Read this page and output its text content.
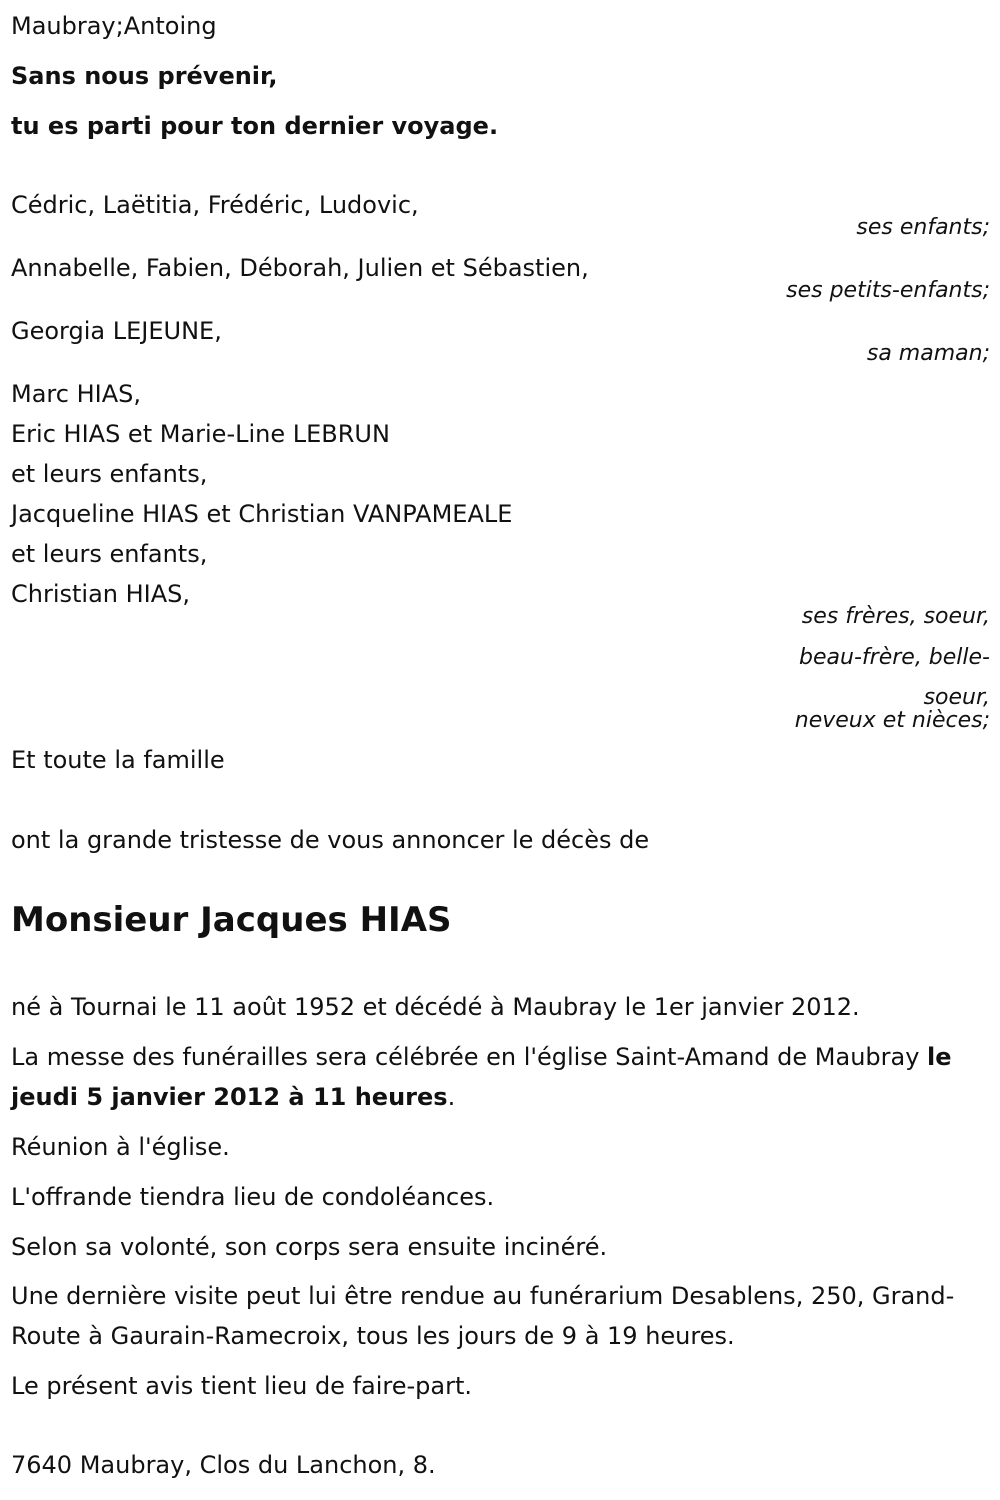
Maubray;Antoing
Sans nous prévenir,
tu es parti pour ton dernier voyage.
Cédric, Laëtitia, Frédéric, Ludovic,
ses enfants;
Annabelle, Fabien, Déborah, Julien et Sébastien,
ses petits-enfants;
Georgia LEJEUNE,
sa maman;
Marc HIAS,
Eric HIAS et Marie-Line LEBRUN
et leurs enfants,
Jacqueline HIAS et Christian VANPAMEALE
et leurs enfants,
Christian HIAS,
ses frères, soeur,
beau-frère, belle-
soeur,
neveux et nièces;
Et toute la famille
ont la grande tristesse de vous annoncer le décès de
Monsieur Jacques HIAS
né à Tournai le 11 août 1952 et décédé à Maubray le 1er janvier 2012.
La messe des funérailles sera célébrée en l'église Saint-Amand de Maubray le jeudi 5 janvier 2012 à 11 heures.
Réunion à l'église.
L'offrande tiendra lieu de condoléances.
Selon sa volonté, son corps sera ensuite incinéré.
Une dernière visite peut lui être rendue au funérarium Desablens, 250, Grand-Route à Gaurain-Ramecroix, tous les jours de 9 à 19 heures.
Le présent avis tient lieu de faire-part.
7640 Maubray, Clos du Lanchon, 8.
